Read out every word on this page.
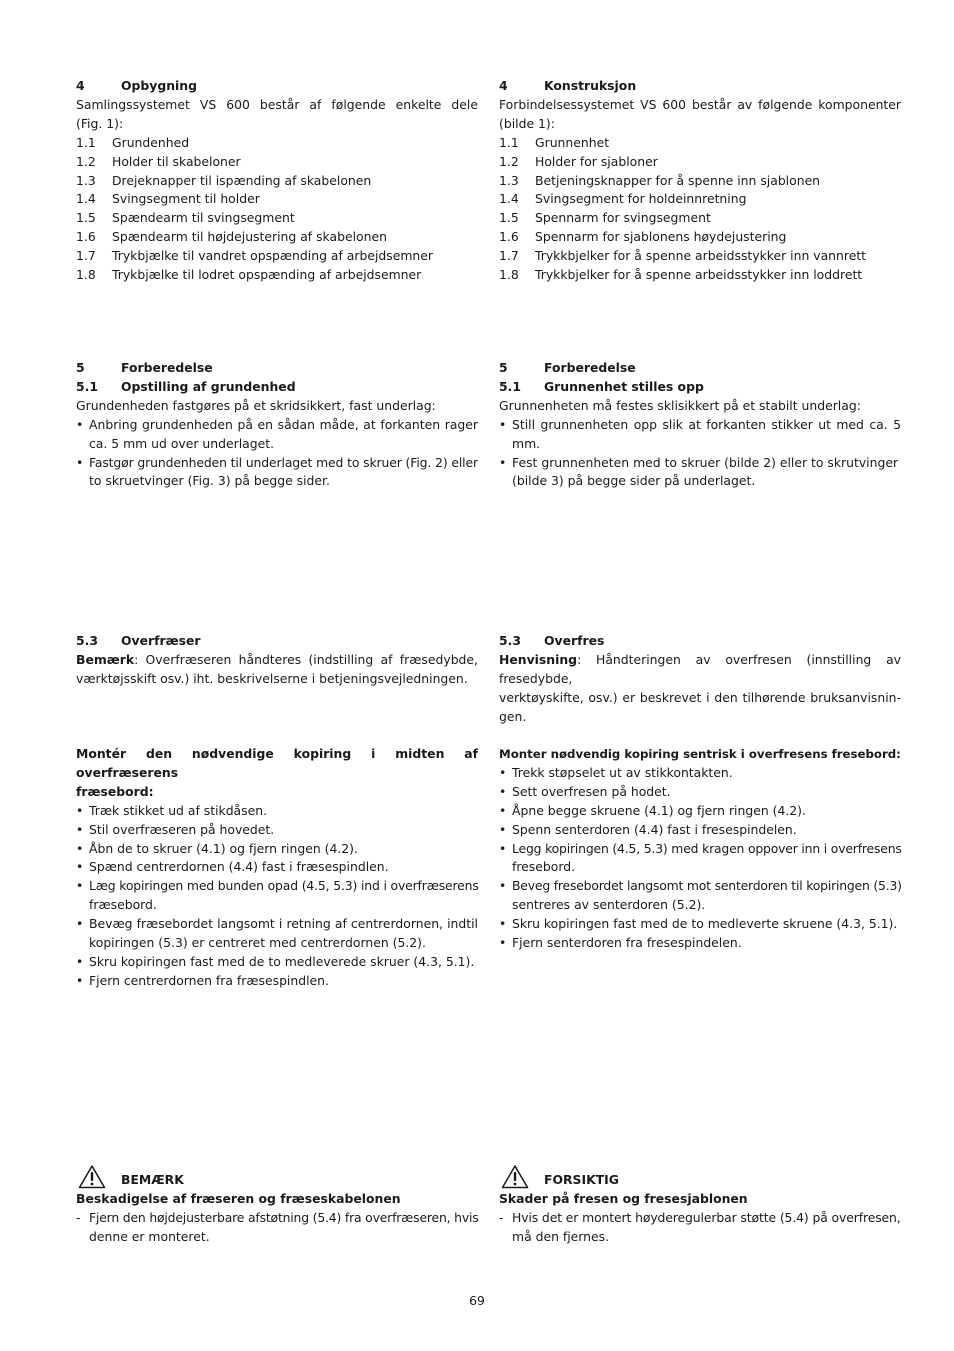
4	Opbygning
Samlingssystemet VS 600 består af følgende enkelte dele
(Fig. 1):
1.1 Grundenhed
1.2 Holder til skabeloner
1.3 Drejeknapper til ispænding af skabelonen
1.4 Svingsegment til holder
1.5 Spændearm til svingsegment
1.6 Spændearm til højdejustering af skabelonen
1.7 Trykbjælke til vandret opspænding af arbejdsemner
1.8 Trykbjælke til lodret opspænding af arbejdsemner
5	Forberedelse
5.1 Opstilling af grundenhed
Grundenheden fastgøres på et skridsikkert, fast underlag:
• Anbring grundenheden på en sådan måde, at forkanten rager
ca. 5 mm ud over underlaget.
• Fastgør grundenheden til underlaget med to skruer (Fig. 2) eller
to skruetvinger (Fig. 3) på begge sider.
5.3 Overfræser
Bemærk: Overfræseren håndteres (indstilling af fræsedybde,
værktøjsskift osv.) iht. beskrivelserne i betjeningsvejledningen.
Montér den nødvendige kopiring i midten af overfræserens
fræsebord:
• Træk stikket ud af stikdåsen.
• Stil overfræseren på hovedet.
• Åbn de to skruer (4.1) og fjern ringen (4.2).
• Spænd centrerdornen (4.4) fast i fræsespindlen.
• Læg kopiringen med bunden opad (4.5, 5.3) ind i overfræserens
fræsebord.
• Bevæg fræsebordet langsomt i retning af centrerdornen, indtil
kopiringen (5.3) er centreret med centrerdornen (5.2).
• Skru kopiringen fast med de to medleverede skruer (4.3, 5.1).
• Fjern centrerdornen fra fræsespindlen.
BEMÆRK
Beskadigelse af fræseren og fræseskabelonen
- Fjern den højdejusterbare afstøtning (5.4) fra overfræseren, hvis
denne er monteret.
4	Konstruksjon
Forbindelsessystemet VS 600 består av følgende komponenter
(bilde 1):
1.1 Grunnenhet
1.2 Holder for sjabloner
1.3 Betjeningsknapper for å spenne inn sjablonen
1.4 Svingsegment for holdeinnretning
1.5 Spennarm for svingsegment
1.6 Spennarm for sjablonens høydejustering
1.7 Trykkbjelker for å spenne arbeidsstykker inn vannrett
1.8 Trykkbjelker for å spenne arbeidsstykker inn loddrett
5	Forberedelse
5.1 Grunnenhet stilles opp
Grunnenheten må festes sklisikkert på et stabilt underlag:
• Still grunnenheten opp slik at forkanten stikker ut med ca. 5
mm.
• Fest grunnenheten med to skruer (bilde 2) eller to skrutvinger
(bilde 3) på begge sider på underlaget.
5.3 Overfres
Henvisning: Håndteringen av overfresen (innstilling av fresedybde,
verktøyskifte, osv.) er beskrevet i den tilhørende bruksanvisnin-
gen.
Monter nødvendig kopiring sentrisk i overfresens fresebord:
• Trekk støpselet ut av stikkontakten.
• Sett overfresen på hodet.
• Åpne begge skruene (4.1) og fjern ringen (4.2).
• Spenn senterdoren (4.4) fast i fresespindelen.
• Legg kopiringen (4.5, 5.3) med kragen oppover inn i overfresens
fresebord.
• Beveg fresebordet langsomt mot senterdoren til kopiringen (5.3)
sentreres av senterdoren (5.2).
• Skru kopiringen fast med de to medleverte skruene (4.3, 5.1).
• Fjern senterdoren fra fresespindelen.
FORSIKTIG
Skader på fresen og fresesjablonen
- Hvis det er montert høyderegulerbar støtte (5.4) på overfresen,
må den fjernes.
69
